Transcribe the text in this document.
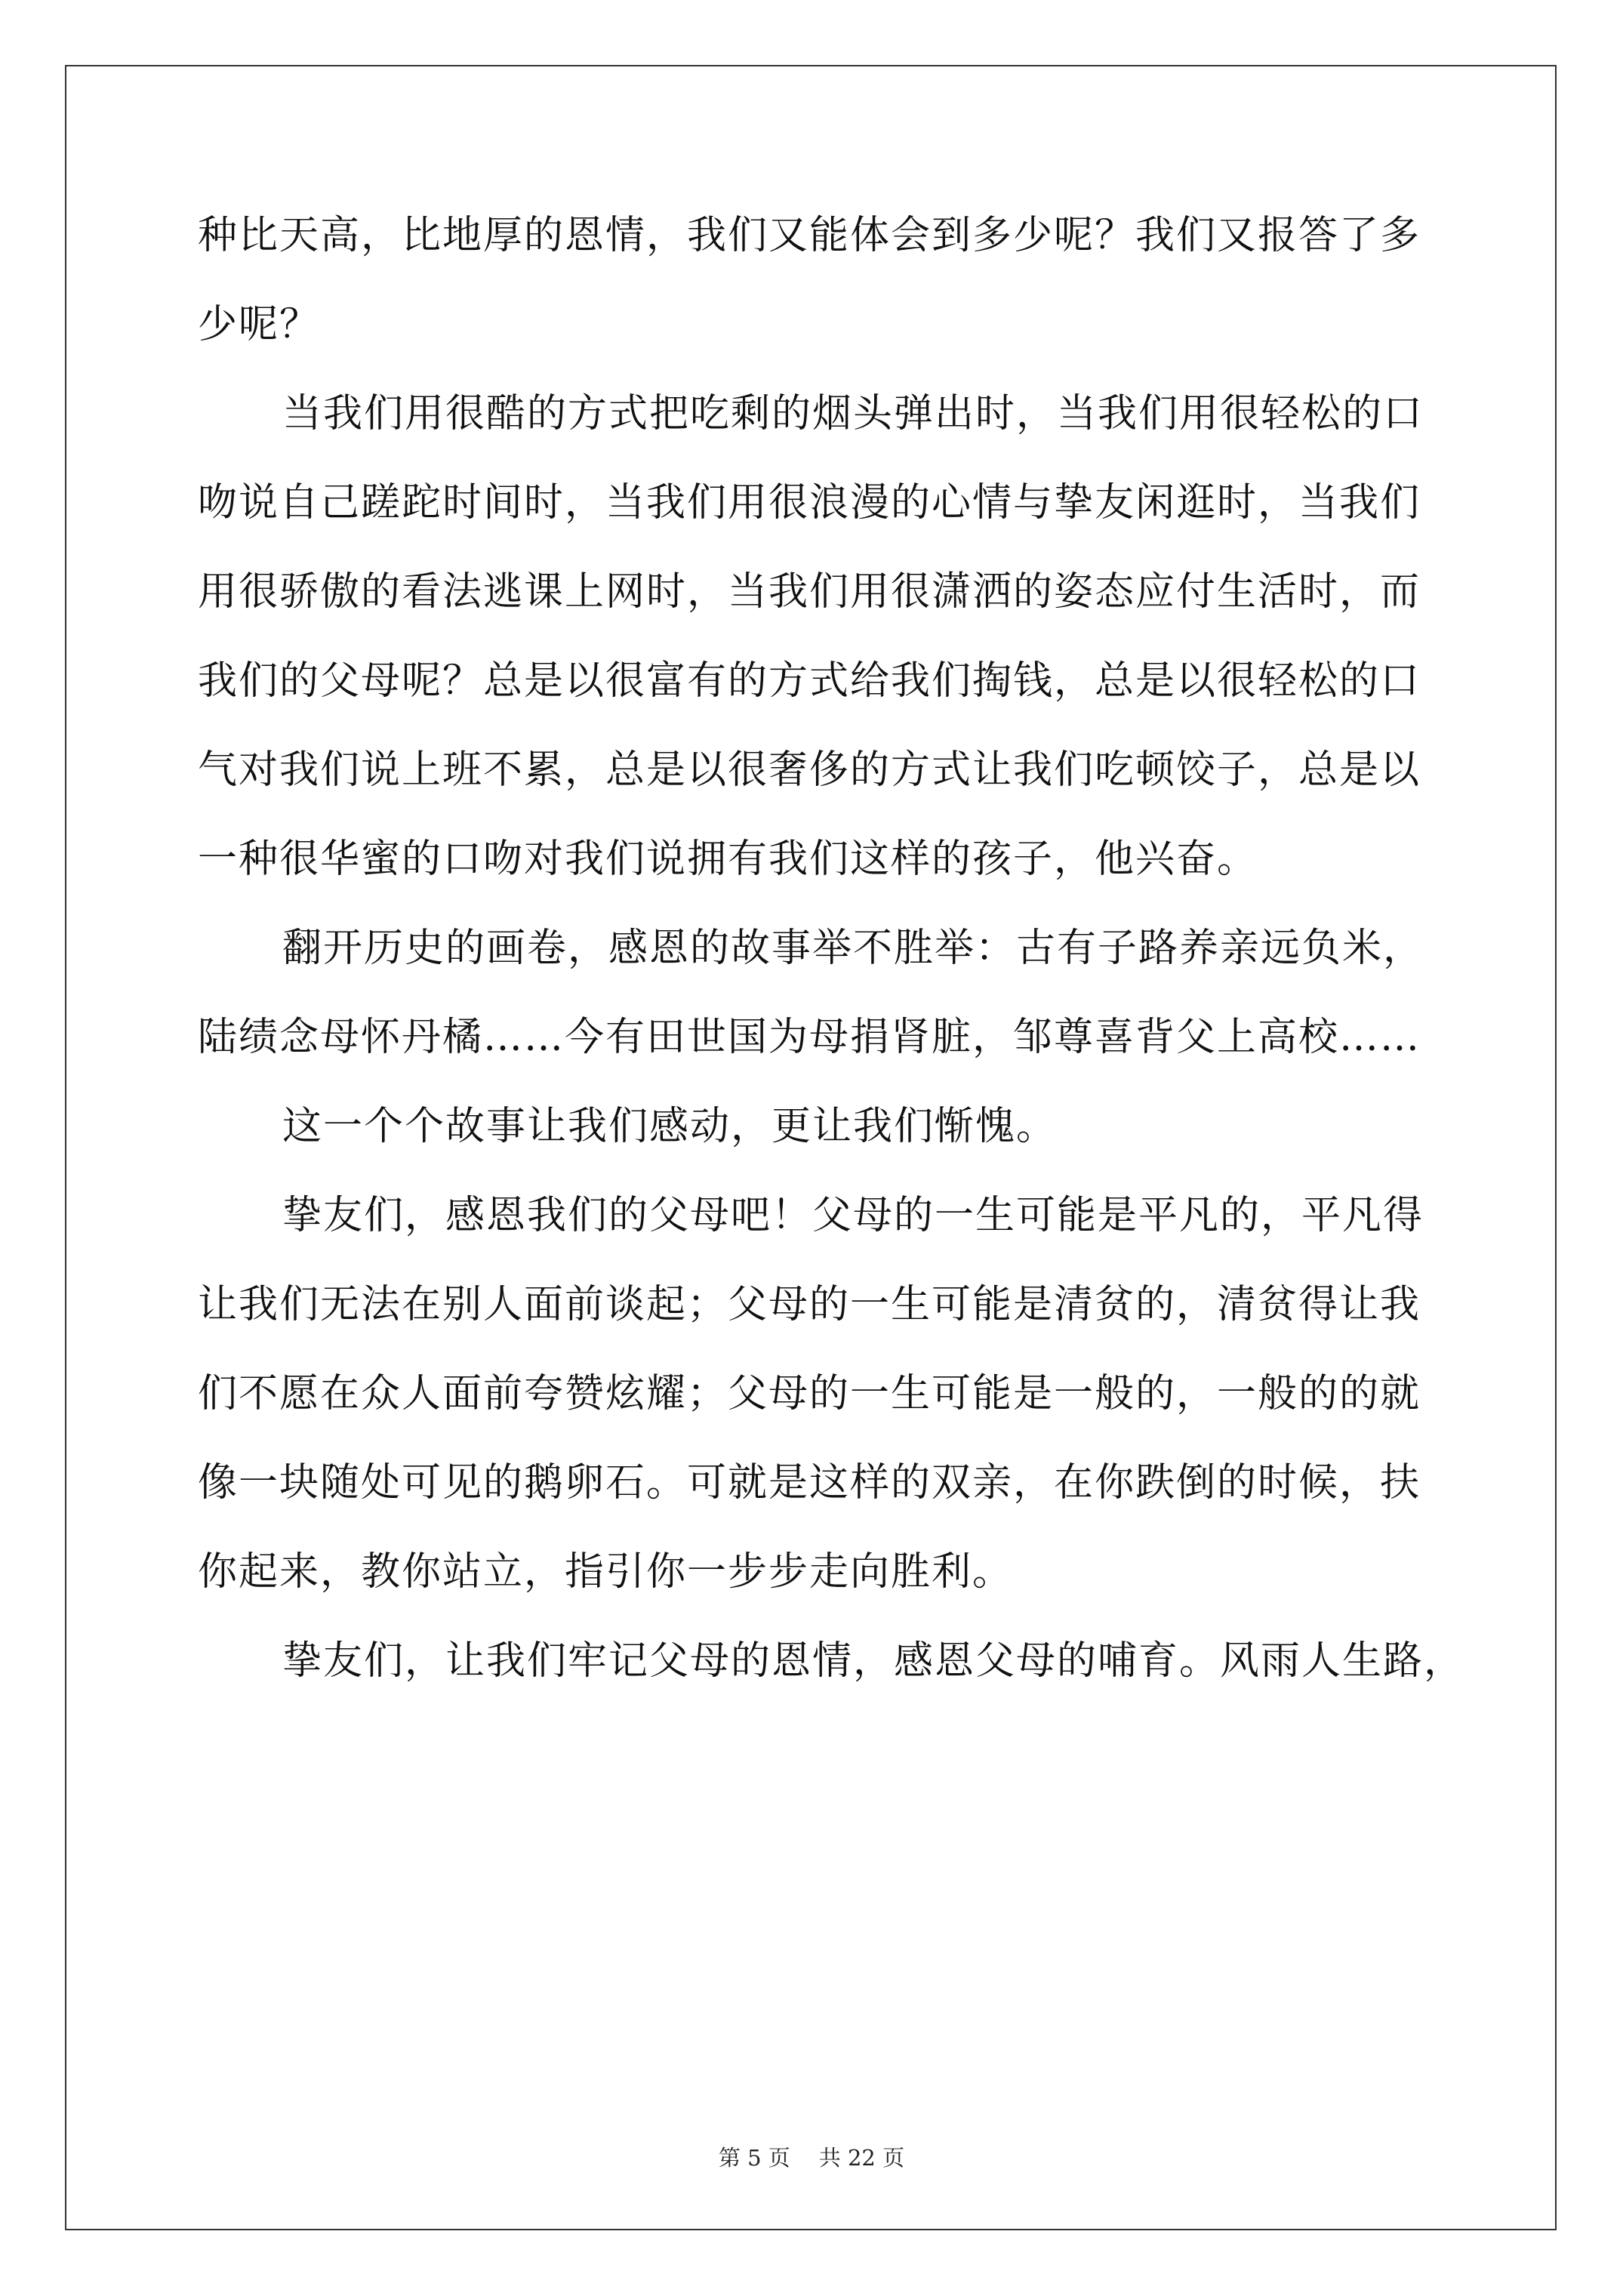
种比天高，比地厚的恩情，我们又能体会到多少呢？我们又报答了多
少呢？
当我们用很酷的方式把吃剩的烟头弹出时，当我们用很轻松的口
吻说自己蹉跎时间时，当我们用很浪漫的心情与挚友闲逛时，当我们
用很骄傲的看法逃课上网时，当我们用很潇洒的姿态应付生活时，而
我们的父母呢？总是以很富有的方式给我们掏钱，总是以很轻松的口
气对我们说上班不累，总是以很奢侈的方式让我们吃顿饺子，总是以
一种很华蜜的口吻对我们说拥有我们这样的孩子，他兴奋。
翻开历史的画卷，感恩的故事举不胜举：古有子路养亲远负米，
陆绩念母怀丹橘……今有田世国为母捐肾脏，邹尊喜背父上高校……
这一个个故事让我们感动，更让我们惭愧。
挚友们，感恩我们的父母吧！父母的一生可能是平凡的，平凡得
让我们无法在别人面前谈起；父母的一生可能是清贫的，清贫得让我
们不愿在众人面前夸赞炫耀；父母的一生可能是一般的，一般的的就
像一块随处可见的鹅卵石。可就是这样的双亲，在你跌倒的时候，扶
你起来，教你站立，指引你一步步走向胜利。
挚友们，让我们牢记父母的恩情，感恩父母的哺育。风雨人生路，
第 5 页 共 22 页
